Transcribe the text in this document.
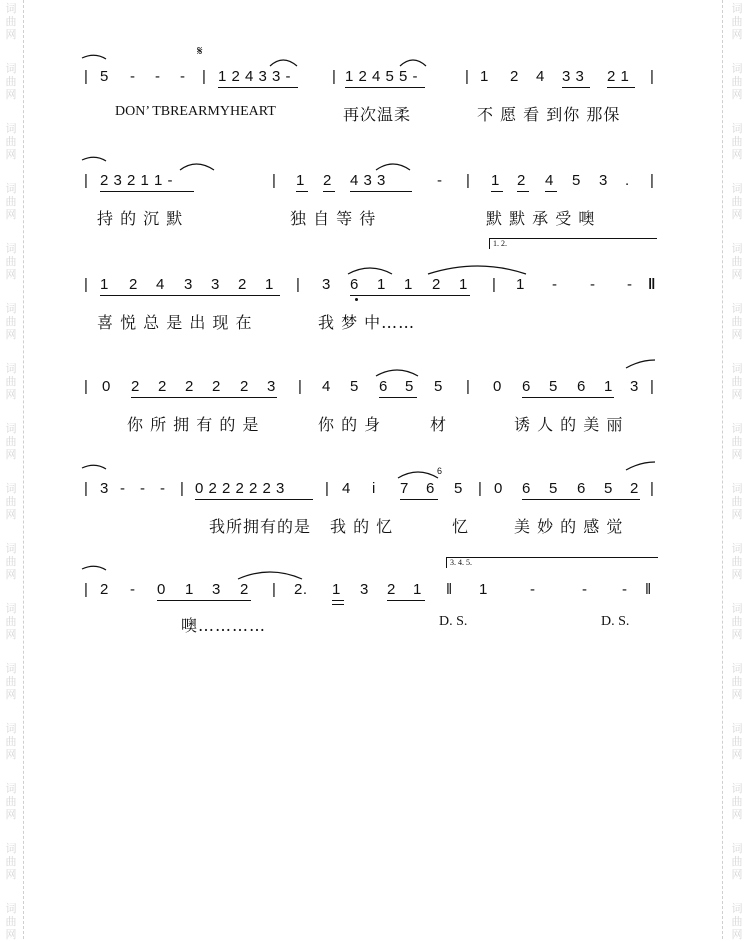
词
曲
网
词
曲
网
词
曲
网
词
曲
网
词
曲
网
词
曲
网
词
曲
网
词
曲
网
词
曲
网
词
曲
网
词
曲
网
词
曲
网
词
曲
网
词
曲
网
词
曲
网
词
曲
网
词
曲
网
词
曲
网
词
曲
网
词
曲
网
词
曲
网
词
曲
网
词
曲
网
词
曲
网
词
曲
网
词
曲
网
词
曲
网
词
曲
网
词
曲
网
词
曲
网
词
曲
网
词
曲
网
𝄋
| 5 - - - | 1 2 4 3 3 -	| 1 2 4 5 5 -	| 1 2 4 3 3 2 1 |
DON’ TBREARMYHEART	再次温柔	不 愿 看 到你 那保
| 2 3 2 1 1 -	| 1 2 4 3 3	- | 1 2 4 5 3 . |
持 的 沉 默	独 自 等 待	默 默 承 受 噢
1. 2.
| 1 2 4 3 3 2 1 | 3 6 1 1 2 1 | 1 - - - ‖
喜 悦 总 是 出 现 在	我 梦 中……
| 0 2 2 2 2 2 3 | 4 5 6 5 5 | 0 6 5 6 1 3 |
你 所 拥 有 的 是	你 的 身	材	诱 人 的 美 丽
| 3 - - - | 0 2 2 2 2 2 3	| 4 i 7 6 5 | 0 6 5 6 5 2 |
6
我所拥有的是 我 的 忆	忆	美 妙 的 感 觉
3. 4. 5.
| 2 - 0 1 3 2 | 2. 1 3 2 1 ‖ 1	-	- - ‖
噢…………	D. S.	D. S.
